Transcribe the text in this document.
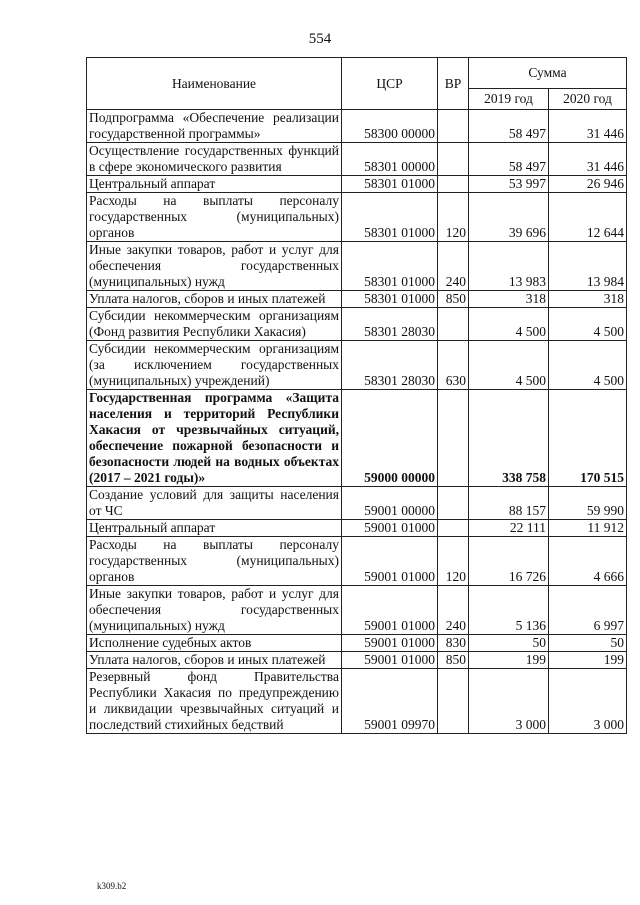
554
Наименование	ЦСР	ВР	Сумма	
			2019 год	2020 год
Подпрограмма «Обеспечение реализации государственной программы»	58300 00000		58 497	31 446
Осуществление государственных функций в сфере экономического развития	58301 00000		58 497	31 446
Центральный аппарат	58301 01000		53 997	26 946
Расходы на выплаты персоналу государственных (муниципальных) органов	58301 01000	120	39 696	12 644
Иные закупки товаров, работ и услуг для обеспечения государственных (муниципальных) нужд	58301 01000	240	13 983	13 984
Уплата налогов, сборов и иных платежей	58301 01000	850	318	318
Субсидии некоммерческим организациям (Фонд развития Республики Хакасия)	58301 28030		4 500	4 500
Субсидии некоммерческим организациям (за исключением государственных (муниципальных) учреждений)	58301 28030	630	4 500	4 500
Государственная программа «Защита населения и территорий Республики Хакасия от чрезвычайных ситуаций, обеспечение пожарной безопасности и безопасности людей на водных объектах (2017 – 2021 годы)»	59000 00000		338 758	170 515
Создание условий для защиты населения от ЧС	59001 00000		88 157	59 990
Центральный аппарат	59001 01000		22 111	11 912
Расходы на выплаты персоналу государственных (муниципальных) органов	59001 01000	120	16 726	4 666
Иные закупки товаров, работ и услуг для обеспечения государственных (муниципальных) нужд	59001 01000	240	5 136	6 997
Исполнение судебных актов	59001 01000	830	50	50
Уплата налогов, сборов и иных платежей	59001 01000	850	199	199
Резервный фонд Правительства Республики Хакасия по предупреждению и ликвидации чрезвычайных ситуаций и последствий стихийных бедствий	59001 09970		3 000	3 000
k309.b2
